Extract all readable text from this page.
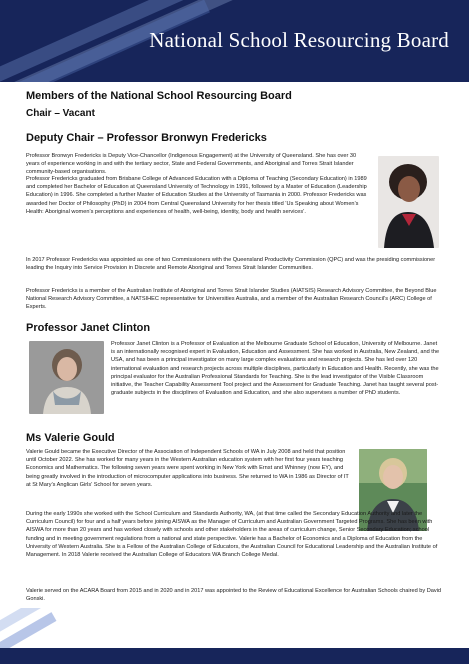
National School Resourcing Board
Members of the National School Resourcing Board
Chair – Vacant
Deputy Chair – Professor Bronwyn Fredericks
Professor Bronwyn Fredericks is Deputy Vice-Chancellor (Indigenous Engagement) at the University of Queensland. She has over 30 years of experience working in and with the tertiary sector, State and Federal Governments, and Aboriginal and Torres Strait Islander community-based organisations.
Professor Fredericks graduated from Brisbane College of Advanced Education with a Diploma of Teaching (Secondary Education) in 1989 and completed her Bachelor of Education at Queensland University of Technology in 1991, followed by a Master of Education (Leadership Education) in 1996. She completed a further Master of Education Studies at the University of Tasmania in 2000. Professor Fredericks was awarded her Doctor of Philosophy (PhD) in 2004 from Central Queensland University for her thesis titled ‘Us Speaking about Women’s Health: Aboriginal women’s perceptions and experiences of health, well-being, identity, body and health services’.
In 2017 Professor Fredericks was appointed as one of two Commissioners with the Queensland Productivity Commission (QPC) and was the presiding commissioner leading the Inquiry into Service Provision in Discrete and Remote Aboriginal and Torres Strait Islander Communities.
Professor Fredericks is a member of the Australian Institute of Aboriginal and Torres Strait Islander Studies (AIATSIS) Research Advisory Committee, the Beyond Blue National Research Advisory Committee, a NATSIHEC representative for Universities Australia, and a member of the Australian Research Council’s (ARC) College of Experts.
Professor Janet Clinton
Professor Janet Clinton is a Professor of Evaluation at the Melbourne Graduate School of Education, University of Melbourne. Janet is an internationally recognised expert in Evaluation, Education and Assessment. She has worked in Australia, New Zealand, and the USA, and has been a principal investigator on many large complex evaluations and research projects. She has led over 120 international evaluation and research projects across multiple disciplines, particularly in Education and Health. Recently, she was the principal evaluator for the Australian Professional Standards for Teaching. She is the lead investigator of the Visible Classroom initiative, the Teacher Capability Assessment Tool project and the Assessment for Graduate Teaching. Janet has taught several post-graduate subjects in the disciplines of Evaluation and Education, and she also supervises a number of PhD students.
Ms Valerie Gould
Valerie Gould became the Executive Director of the Association of Independent Schools of WA in July 2008 and held that position until October 2022. She has worked for many years in the Western Australian education system with her first four years teaching Economics and Mathematics. The following seven years were spent working in New York with Ernst and Whinney (now EY), and being greatly involved in the introduction of microcomputer applications into business. She returned to WA in 1986 as Director of IT at St Mary’s Anglican Girls’ School for seven years.
During the early 1990s she worked with the School Curriculum and Standards Authority, WA, (at that time called the Secondary Education Authority and later the Curriculum Council) for four and a half years before joining AISWA as the Manager of Curriculum and Australian Government Targeted Programs. She has been with AISWA for more than 20 years and has worked closely with schools and other stakeholders in the areas of curriculum change, Senior Secondary Education; school funding and in meeting government regulations from a national and state perspective. Valerie has a Bachelor of Economics and a Diploma of Education from the University of Western Australia. She is a Fellow of the Australian College of Educators, the Australian Council for Educational Leadership and the Australian Institute of Management. In 2018 Valerie received the Australian College of Educators WA Branch College Medal.
Valerie served on the ACARA Board from 2015 and in 2020 and in 2017 was appointed to the Review of Educational Excellence for Australian Schools chaired by David Gonski.
